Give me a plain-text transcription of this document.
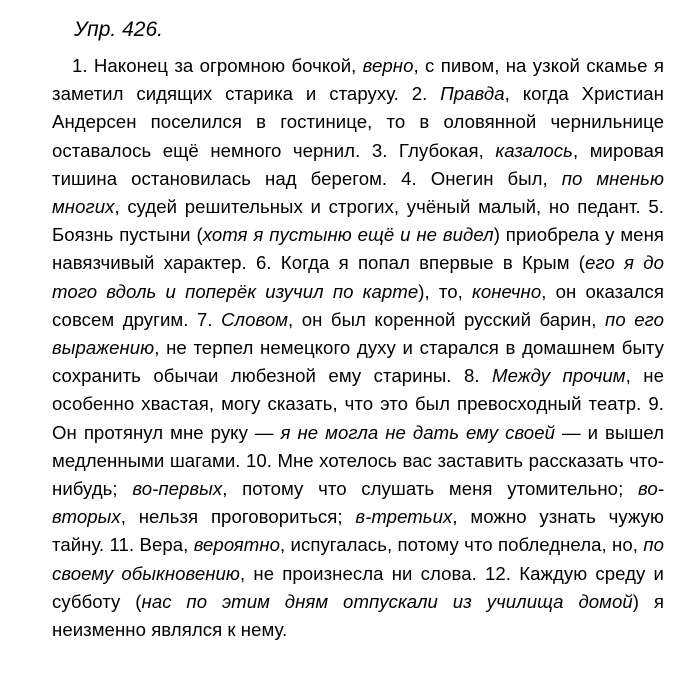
Упр. 426.

1. Наконец за огромною бочкой, верно, с пивом, на узкой скамье я заметил сидящих старика и старуху. 2. Правда, когда Христиан Андерсен поселился в гостинице, то в оловянной чернильнице оставалось ещё немного чернил. 3. Глубокая, казалось, мировая тишина остановилась над берегом. 4. Онегин был, по мненью многих, судей решительных и строгих, учёный малый, но педант. 5. Боязнь пустыни (хотя я пустыню ещё и не видел) приобрела у меня навязчивый характер. 6. Когда я попал впервые в Крым (его я до того вдоль и поперёк изучил по карте), то, конечно, он оказался совсем другим. 7. Словом, он был коренной русский барин, по его выражению, не терпел немецкого духу и старался в домашнем быту сохранить обычаи любезной ему старины. 8. Между прочим, не особенно хвастая, могу сказать, что это был превосходный театр. 9. Он протянул мне руку — я не могла не дать ему своей — и вышел медленными шагами. 10. Мне хотелось вас заставить рассказать что-нибудь; во-первых, потому что слушать меня утомительно; во-вторых, нельзя проговориться; в-третьих, можно узнать чужую тайну. 11. Вера, вероятно, испугалась, потому что побледнела, но, по своему обыкновению, не произнесла ни слова. 12. Каждую среду и субботу (нас по этим дням отпускали из училища домой) я неизменно являлся к нему.
